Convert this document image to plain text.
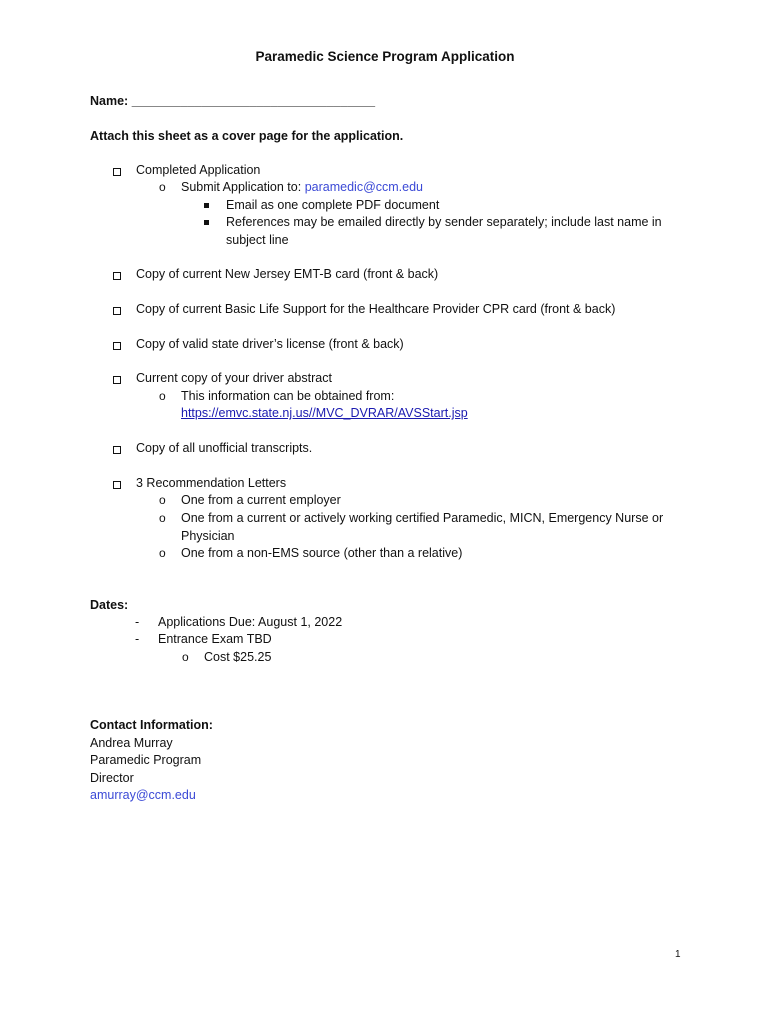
Paramedic Science Program Application
Name: ___________________________________
Attach this sheet as a cover page for the application.
Completed Application
o Submit Application to: paramedic@ccm.edu
Email as one complete PDF document
References may be emailed directly by sender separately; include last name in subject line
Copy of current New Jersey EMT-B card (front & back)
Copy of current Basic Life Support for the Healthcare Provider CPR card (front & back)
Copy of valid state driver’s license (front & back)
Current copy of your driver abstract
o This information can be obtained from:
https://emvc.state.nj.us//MVC_DVRAR/AVSStart.jsp
Copy of all unofficial transcripts.
3 Recommendation Letters
o One from a current employer
o One from a current or actively working certified Paramedic, MICN, Emergency Nurse or Physician
o One from a non-EMS source (other than a relative)
Dates:
- Applications Due: August 1, 2022
- Entrance Exam TBD
o Cost $25.25
Contact Information:
Andrea Murray
Paramedic Program
Director
amurray@ccm.edu
1
